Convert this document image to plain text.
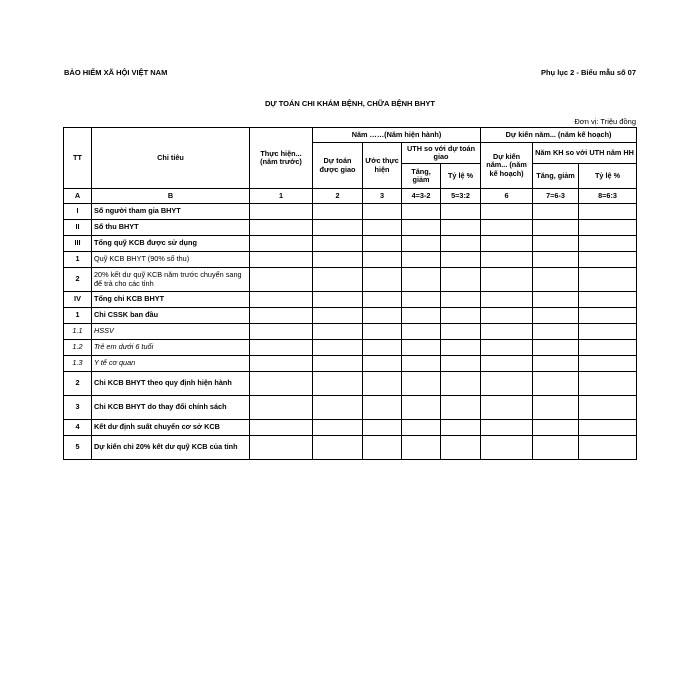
BẢO HIỂM XÃ HỘI VIỆT NAM	Phụ lục 2 - Biểu mẫu số 07
DỰ TOÁN CHI KHÁM BỆNH, CHỮA BỆNH BHYT
Đơn vị: Triệu đồng
TT	Chỉ tiêu	Thực hiện... (năm trước)	Năm ……(Năm hiện hành)				Dự kiến năm... (năm kế hoạch)		
			Dự toán được giao	Ước thực hiện	UTH so với dự toán giao		Dự kiến năm... (năm kế hoạch)	Năm KH so với UTH năm HH	
					Tăng, giảm	Tỷ lệ %		Tăng, giảm	Tỷ lệ %
A	B	1	2	3	4=3-2	5=3:2	6	7=6-3	8=6:3
I	Số người tham gia BHYT								
II	Số thu BHYT								
III	Tổng quỹ KCB được sử dụng								
1	Quỹ KCB BHYT (90% số thu)								
2	20% kết dư quỹ KCB năm trước chuyển sang để trả cho các tỉnh								
IV	Tổng chi KCB BHYT								
1	Chi CSSK ban đầu								
1.1	HSSV								
1.2	Trẻ em dưới 6 tuổi								
1.3	Y tế cơ quan								
2	Chi KCB BHYT theo quy định hiện hành								
3	Chi KCB BHYT do thay đổi chính sách								
4	Kết dư định suất chuyển cơ sở KCB								
5	Dự kiến chi 20% kết dư quỹ KCB của tỉnh								
